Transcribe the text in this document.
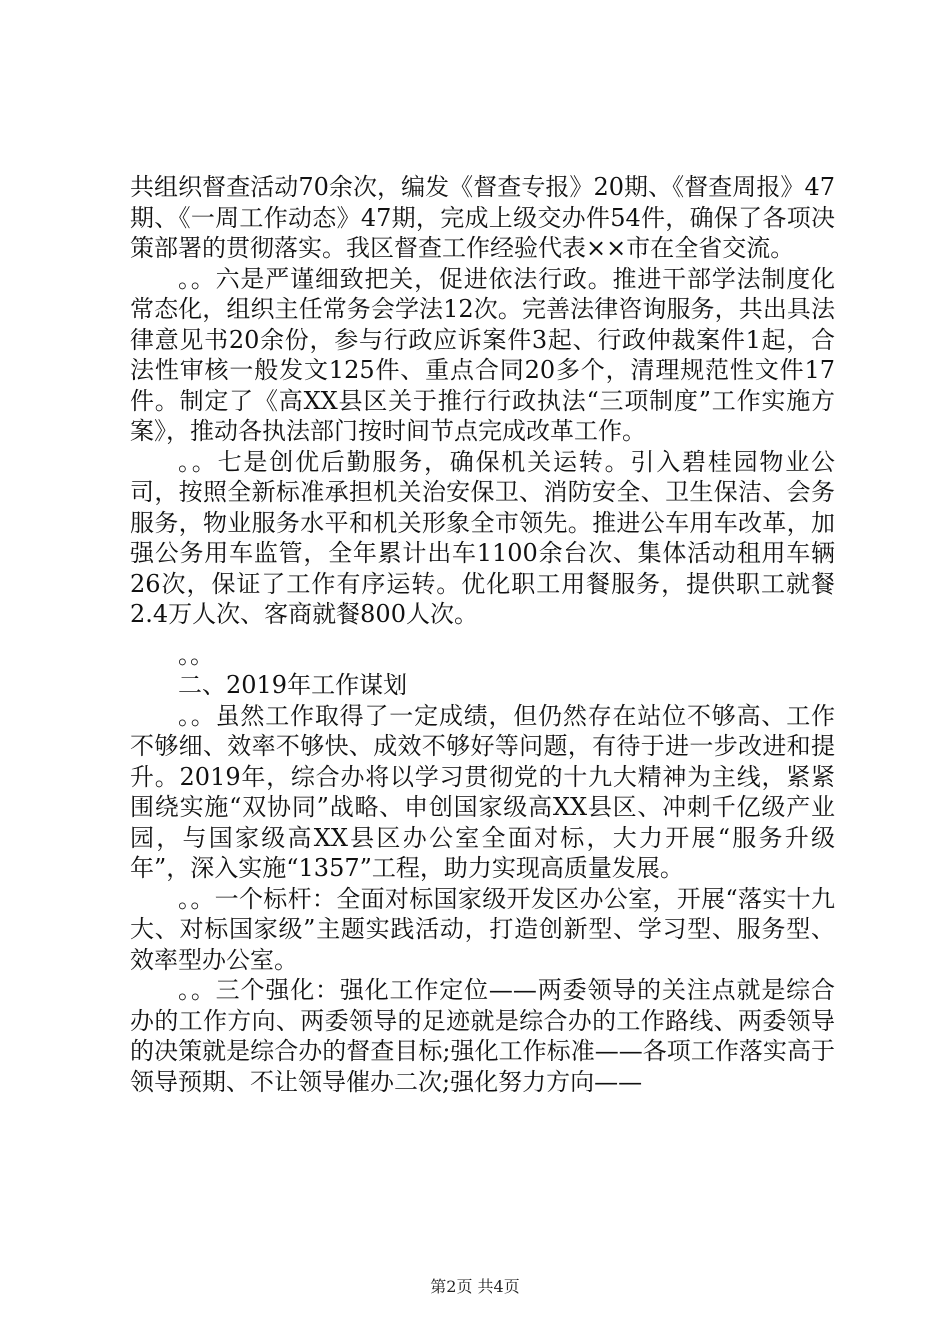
共组织督查活动70余次，编发《督查专报》20期、《督查周报》47期、《一周工作动态》47期，完成上级交办件54件，确保了各项决策部署的贯彻落实。我区督查工作经验代表××市在全省交流。

。。六是严谨细致把关，促进依法行政。推进干部学法制度化常态化，组织主任常务会学法12次。完善法律咨询服务，共出具法律意见书20余份，参与行政应诉案件3起、行政仲裁案件1起，合法性审核一般发文125件、重点合同20多个，清理规范性文件17件。制定了《高XX县区关于推行行政执法“三项制度”工作实施方案》，推动各执法部门按时间节点完成改革工作。

。。七是创优后勤服务，确保机关运转。引入碧桂园物业公司，按照全新标准承担机关治安保卫、消防安全、卫生保洁、会务服务，物业服务水平和机关形象全市领先。推进公车用车改革，加强公务用车监管，全年累计出车1100余台次、集体活动租用车辆26次，保证了工作有序运转。优化职工用餐服务，提供职工就餐2.4万人次、客商就餐800人次。

。。

二、2019年工作谋划

。。虽然工作取得了一定成绩，但仍然存在站位不够高、工作不够细、效率不够快、成效不够好等问题，有待于进一步改进和提升。2019年，综合办将以学习贯彻党的十九大精神为主线，紧紧围绕实施“双协同”战略、申创国家级高XX县区、冲刺千亿级产业园，与国家级高XX县区办公室全面对标，大力开展“服务升级年”，深入实施“1357”工程，助力实现高质量发展。

。。一个标杆：全面对标国家级开发区办公室，开展“落实十九大、对标国家级”主题实践活动，打造创新型、学习型、服务型、效率型办公室。

。。三个强化：强化工作定位——两委领导的关注点就是综合办的工作方向、两委领导的足迹就是综合办的工作路线、两委领导的决策就是综合办的督查目标;强化工作标准——各项工作落实高于领导预期、不让领导催办二次;强化努力方向——

第2页 共4页
